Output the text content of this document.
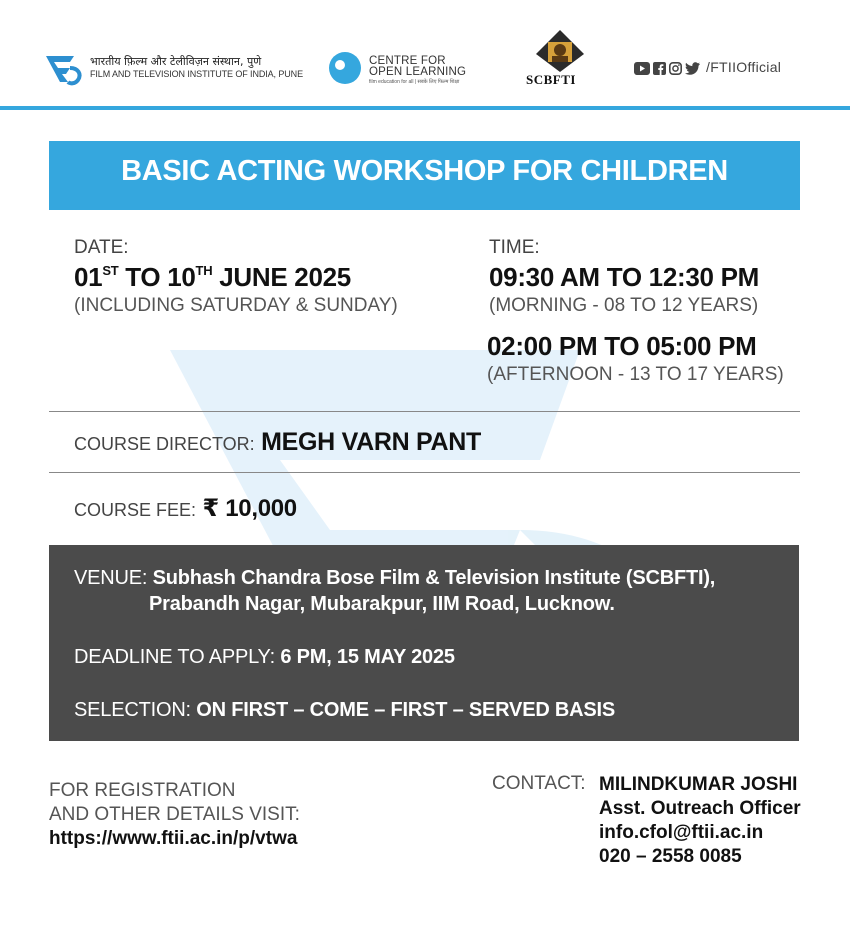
भारतीय फ़िल्म और टेलीविज़न संस्थान, पुणे
FILM AND TELEVISION INSTITUTE OF INDIA, PUNE
CENTRE FOR
OPEN LEARNING
film education for all | सबके लिए फिल्म शिक्षा	SCBFTI
/FTIIOfficial
BASIC ACTING WORKSHOP FOR CHILDREN
DATE:
01ST TO 10TH JUNE 2025
(INCLUDING SATURDAY & SUNDAY)
TIME:
09:30 AM TO 12:30 PM
(MORNING - 08 TO 12 YEARS)
02:00 PM TO 05:00 PM
(AFTERNOON - 13 TO 17 YEARS)
COURSE DIRECTOR: MEGH VARN PANT
COURSE FEE: ₹ 10,000
VENUE: Subhash Chandra Bose Film & Television Institute (SCBFTI),
Prabandh Nagar, Mubarakpur, IIM Road, Lucknow.
DEADLINE TO APPLY: 6 PM, 15 MAY 2025
SELECTION: ON FIRST – COME – FIRST – SERVED BASIS
FOR REGISTRATION
AND OTHER DETAILS VISIT:
https://www.ftii.ac.in/p/vtwa
CONTACT: MILINDKUMAR JOSHI
Asst. Outreach Officer
info.cfol@ftii.ac.in
020 – 2558 0085
